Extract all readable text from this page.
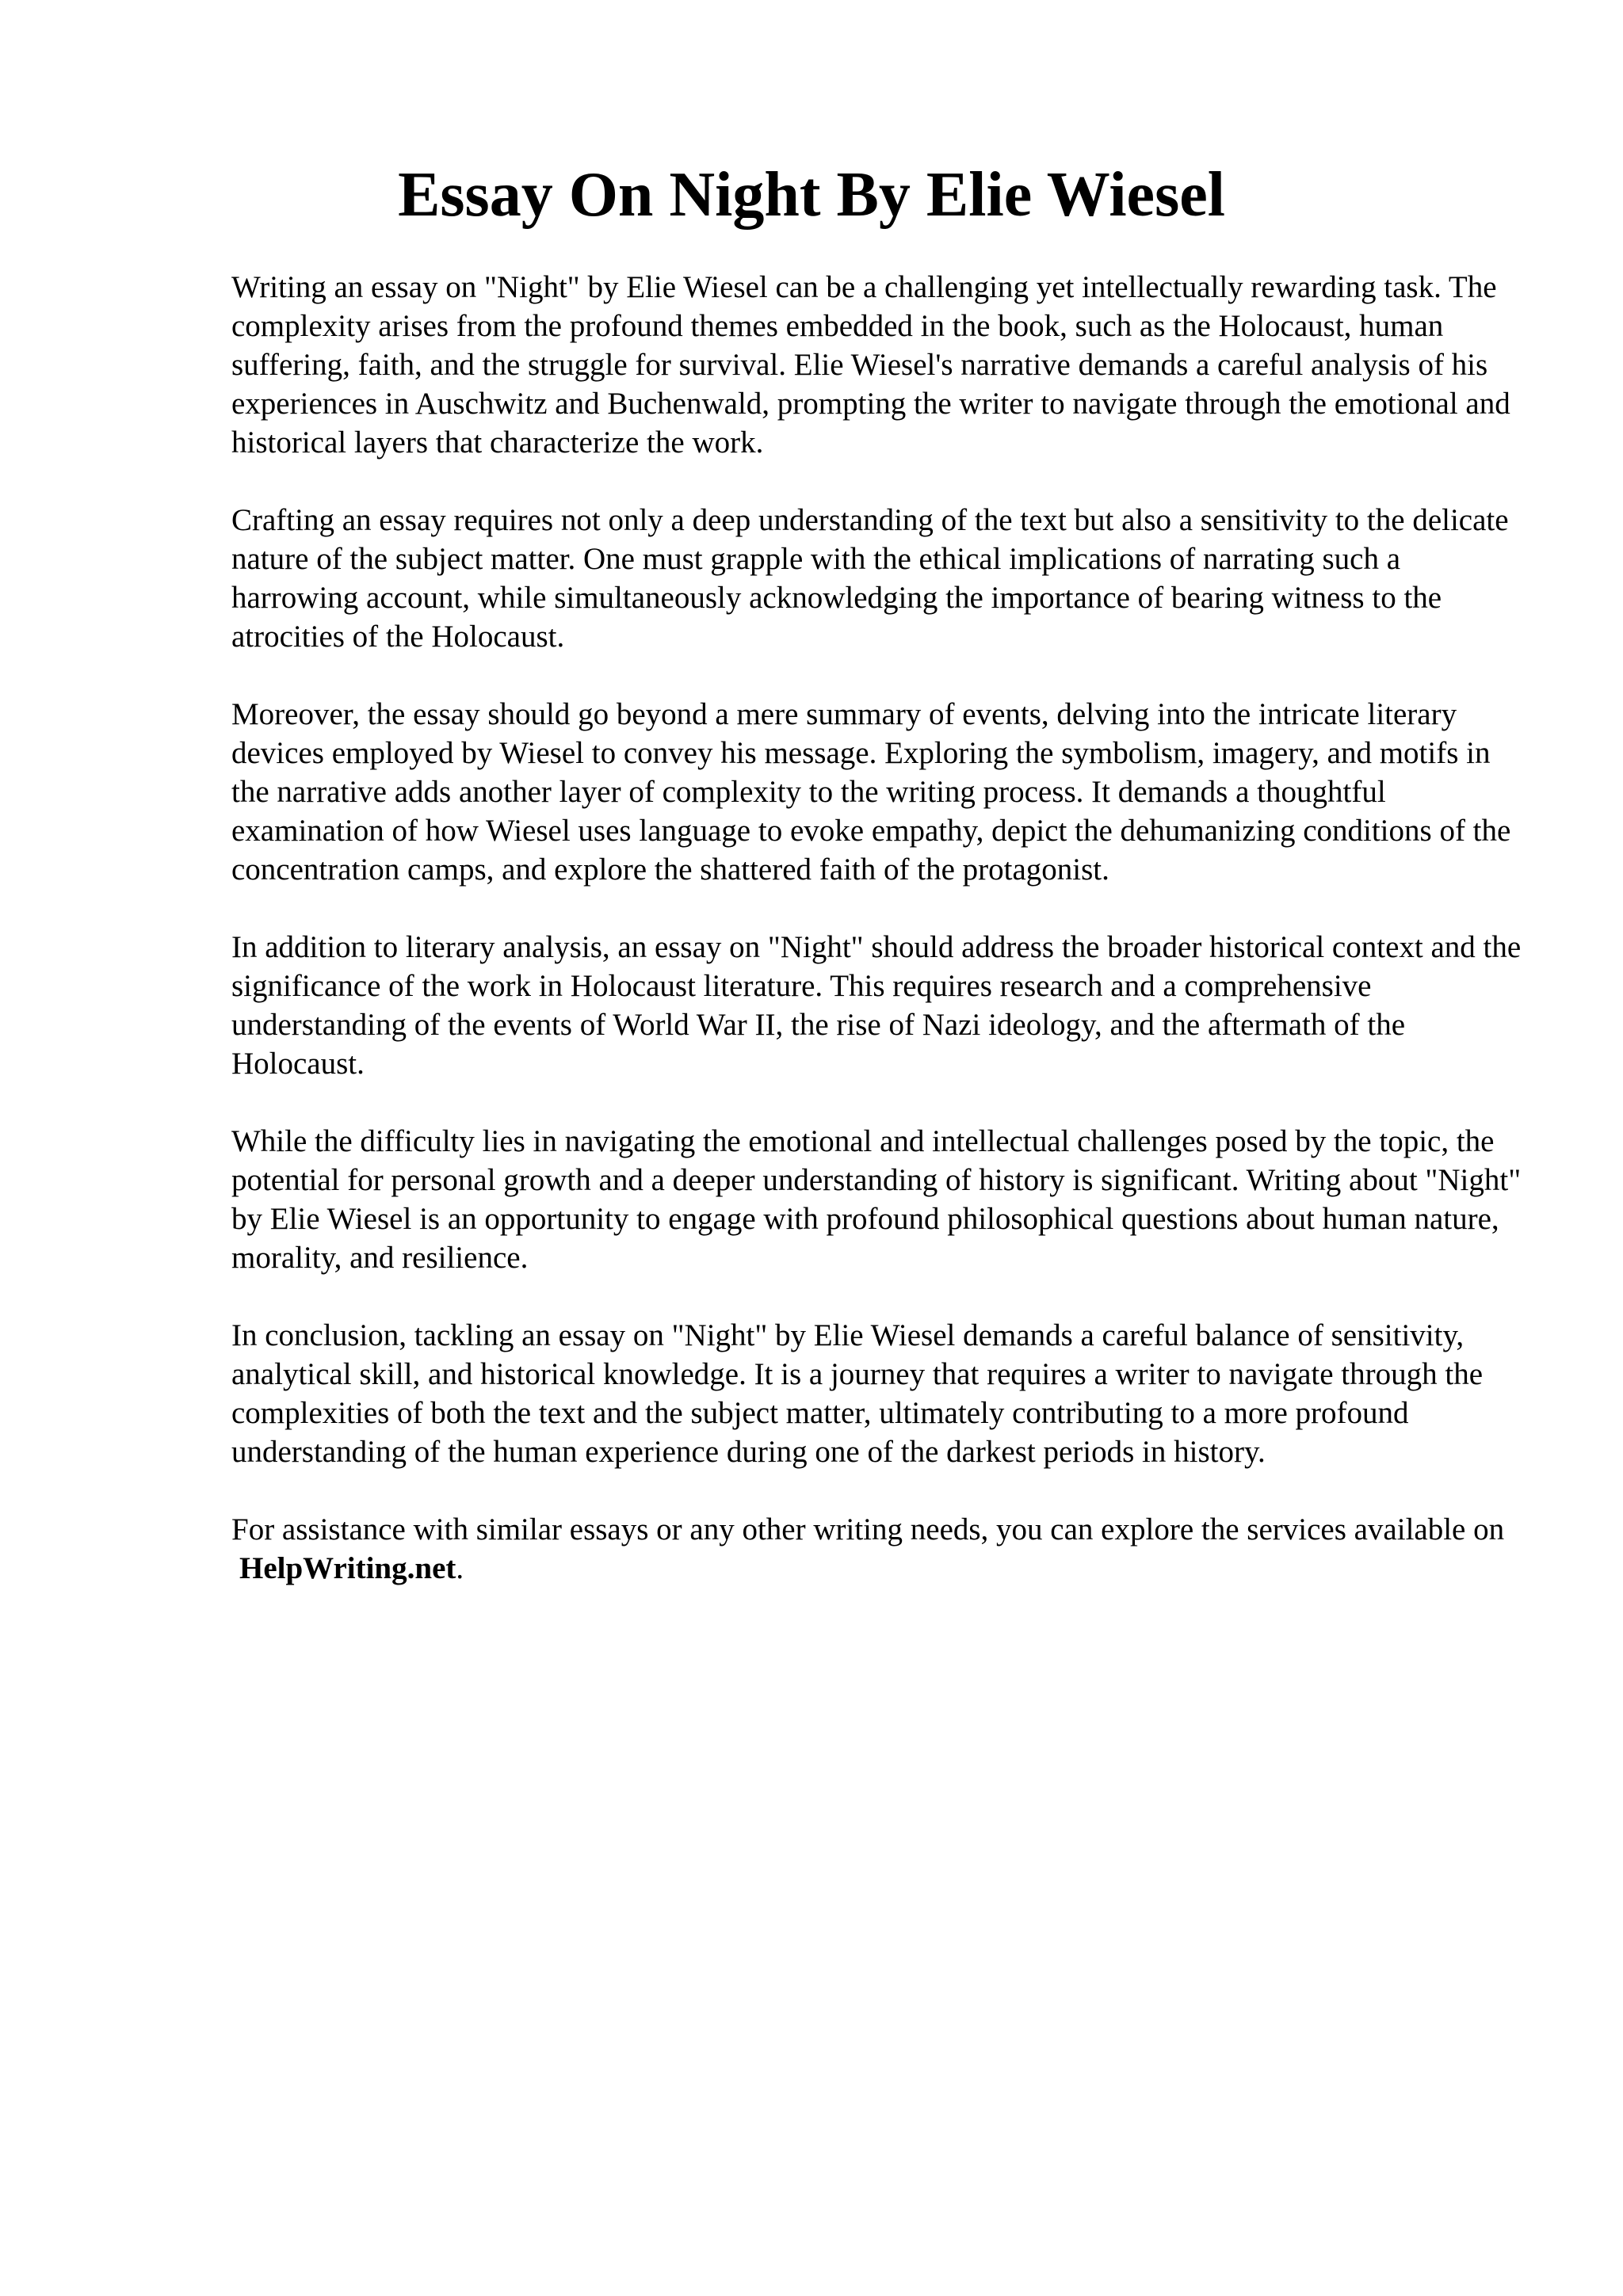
Essay On Night By Elie Wiesel

Writing an essay on "Night" by Elie Wiesel can be a challenging yet intellectually rewarding task. The complexity arises from the profound themes embedded in the book, such as the Holocaust, human suffering, faith, and the struggle for survival. Elie Wiesel's narrative demands a careful analysis of his experiences in Auschwitz and Buchenwald, prompting the writer to navigate through the emotional and historical layers that characterize the work.

Crafting an essay requires not only a deep understanding of the text but also a sensitivity to the delicate nature of the subject matter. One must grapple with the ethical implications of narrating such a harrowing account, while simultaneously acknowledging the importance of bearing witness to the atrocities of the Holocaust.

Moreover, the essay should go beyond a mere summary of events, delving into the intricate literary devices employed by Wiesel to convey his message. Exploring the symbolism, imagery, and motifs in the narrative adds another layer of complexity to the writing process. It demands a thoughtful examination of how Wiesel uses language to evoke empathy, depict the dehumanizing conditions of the concentration camps, and explore the shattered faith of the protagonist.

In addition to literary analysis, an essay on "Night" should address the broader historical context and the significance of the work in Holocaust literature. This requires research and a comprehensive understanding of the events of World War II, the rise of Nazi ideology, and the aftermath of the Holocaust.

While the difficulty lies in navigating the emotional and intellectual challenges posed by the topic, the potential for personal growth and a deeper understanding of history is significant. Writing about "Night" by Elie Wiesel is an opportunity to engage with profound philosophical questions about human nature, morality, and resilience.

In conclusion, tackling an essay on "Night" by Elie Wiesel demands a careful balance of sensitivity, analytical skill, and historical knowledge. It is a journey that requires a writer to navigate through the complexities of both the text and the subject matter, ultimately contributing to a more profound understanding of the human experience during one of the darkest periods in history.

For assistance with similar essays or any other writing needs, you can explore the services available on HelpWriting.net.
